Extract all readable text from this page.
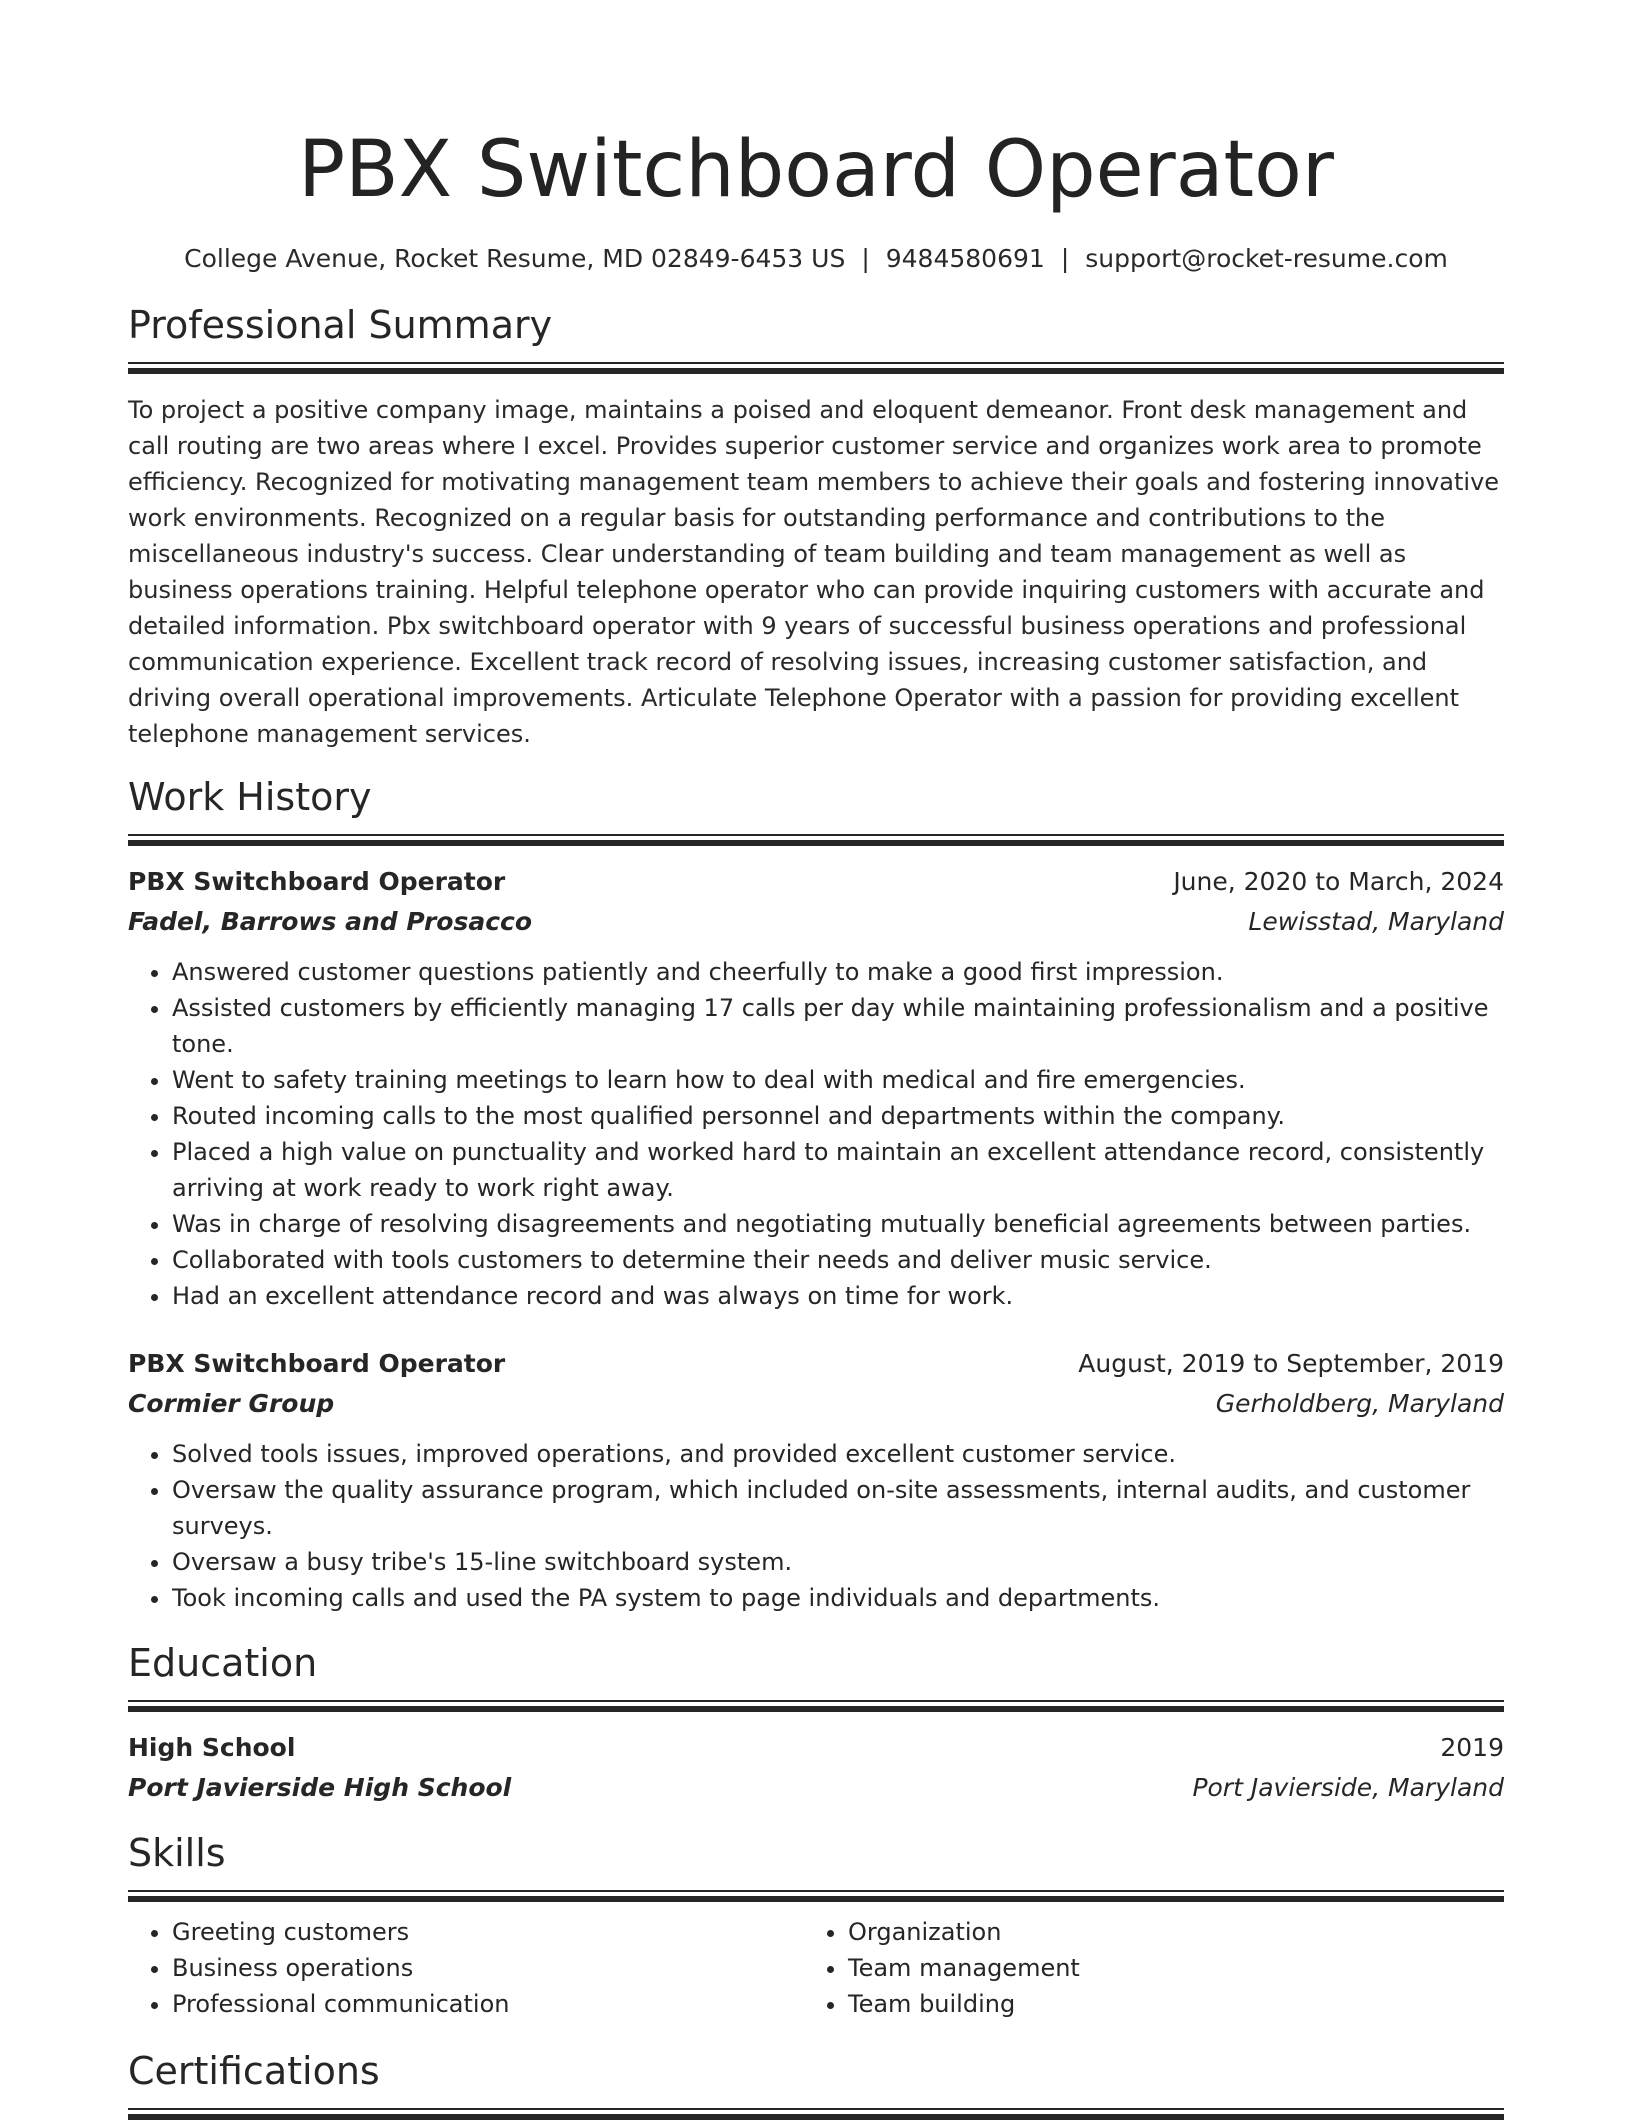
PBX Switchboard Operator
College Avenue, Rocket Resume, MD 02849-6453 US | 9484580691 | support@rocket-resume.com
Professional Summary
To project a positive company image, maintains a poised and eloquent demeanor. Front desk management and call routing are two areas where I excel. Provides superior customer service and organizes work area to promote efficiency. Recognized for motivating management team members to achieve their goals and fostering innovative work environments. Recognized on a regular basis for outstanding performance and contributions to the miscellaneous industry's success. Clear understanding of team building and team management as well as business operations training. Helpful telephone operator who can provide inquiring customers with accurate and detailed information. Pbx switchboard operator with 9 years of successful business operations and professional communication experience. Excellent track record of resolving issues, increasing customer satisfaction, and driving overall operational improvements. Articulate Telephone Operator with a passion for providing excellent telephone management services.
Work History
PBX Switchboard Operator	June, 2020 to March, 2024
Fadel, Barrows and Prosacco	Lewisstad, Maryland
• Answered customer questions patiently and cheerfully to make a good first impression.
• Assisted customers by efficiently managing 17 calls per day while maintaining professionalism and a positive tone.
• Went to safety training meetings to learn how to deal with medical and fire emergencies.
• Routed incoming calls to the most qualified personnel and departments within the company.
• Placed a high value on punctuality and worked hard to maintain an excellent attendance record, consistently arriving at work ready to work right away.
• Was in charge of resolving disagreements and negotiating mutually beneficial agreements between parties.
• Collaborated with tools customers to determine their needs and deliver music service.
• Had an excellent attendance record and was always on time for work.
PBX Switchboard Operator	August, 2019 to September, 2019
Cormier Group	Gerholdberg, Maryland
• Solved tools issues, improved operations, and provided excellent customer service.
• Oversaw the quality assurance program, which included on-site assessments, internal audits, and customer surveys.
• Oversaw a busy tribe's 15-line switchboard system.
• Took incoming calls and used the PA system to page individuals and departments.
Education
High School	2019
Port Javierside High School	Port Javierside, Maryland
Skills
• Greeting customers
• Business operations
• Professional communication
• Organization
• Team management
• Team building
Certifications
